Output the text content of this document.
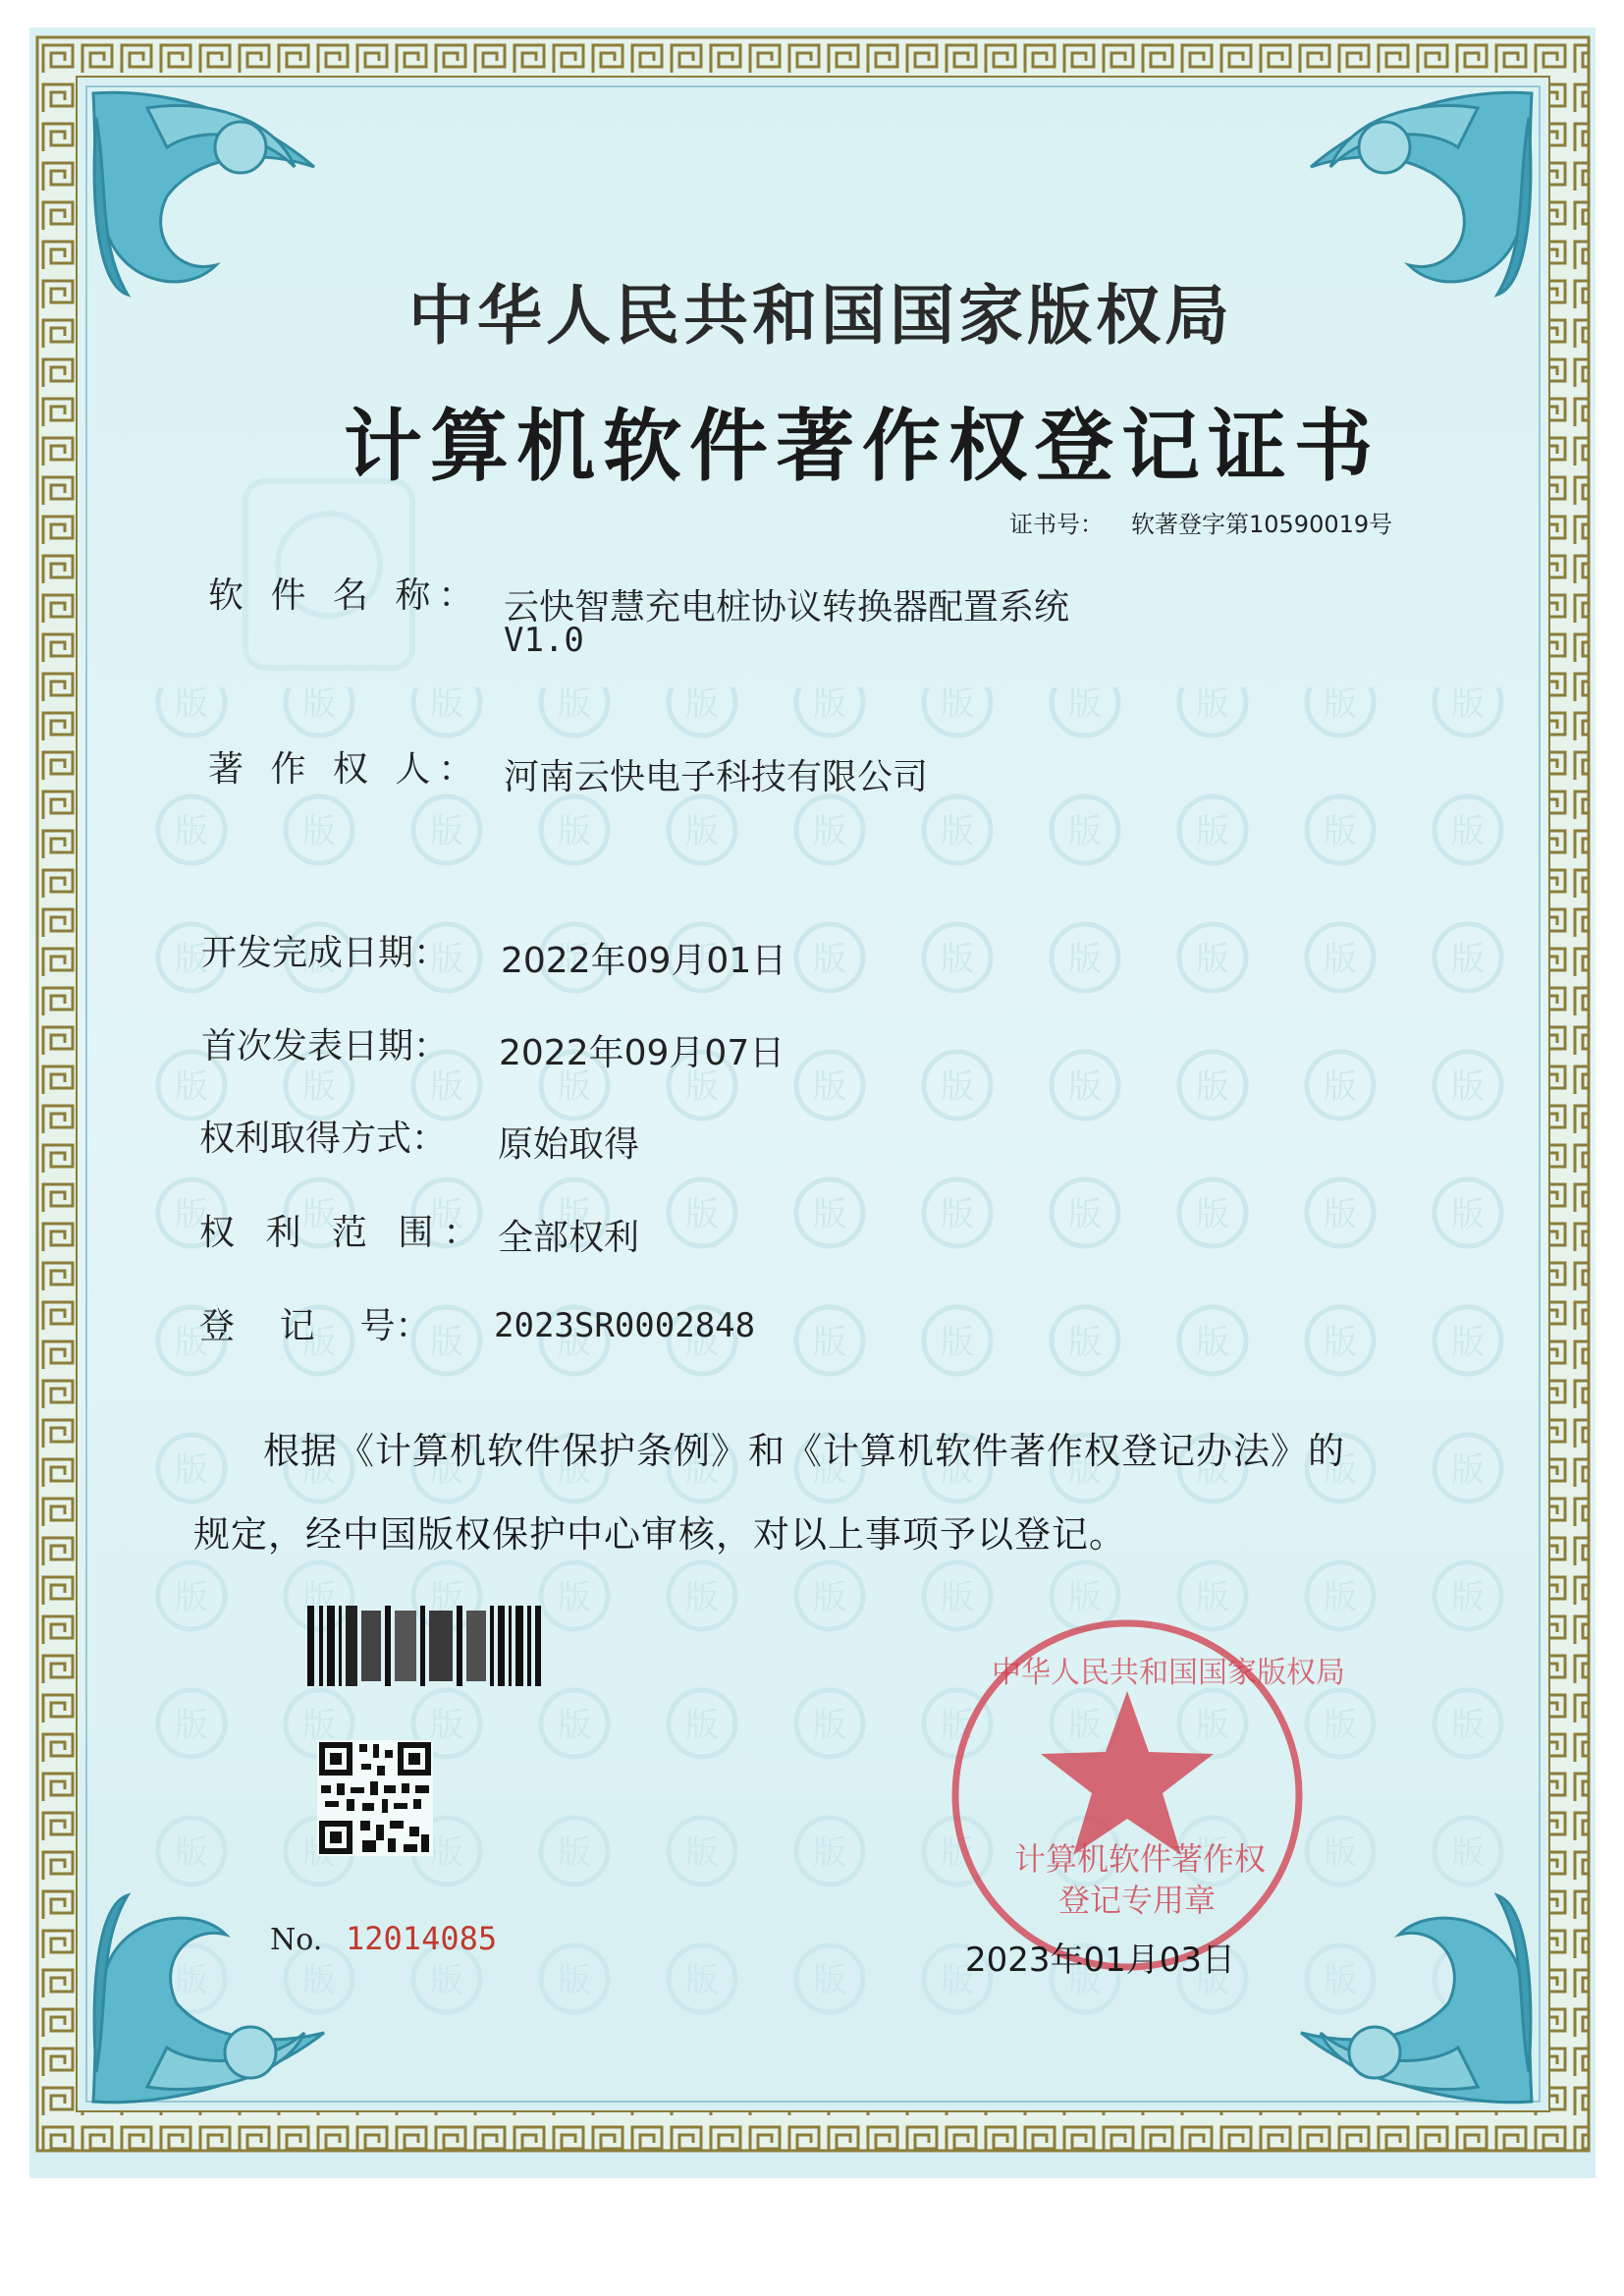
中华人民共和国国家版权局
计算机软件著作权登记证书
证书号： 软著登字第10590019号
软 件 名 称： 云快智慧充电桩协议转换器配置系统
V1.0
著 作 权 人： 河南云快电子科技有限公司
开发完成日期： 2022年09月01日
首次发表日期： 2022年09月07日
权利取得方式： 原始取得
权 利 范 围： 全部权利
登    记    号： 2023SR0002848
根据《计算机软件保护条例》和《计算机软件著作权登记办法》的
规定，经中国版权保护中心审核，对以上事项予以登记。
No. 12014085
中华人民共和国国家版权局
计算机软件著作权
登记专用章
2023年01月03日
